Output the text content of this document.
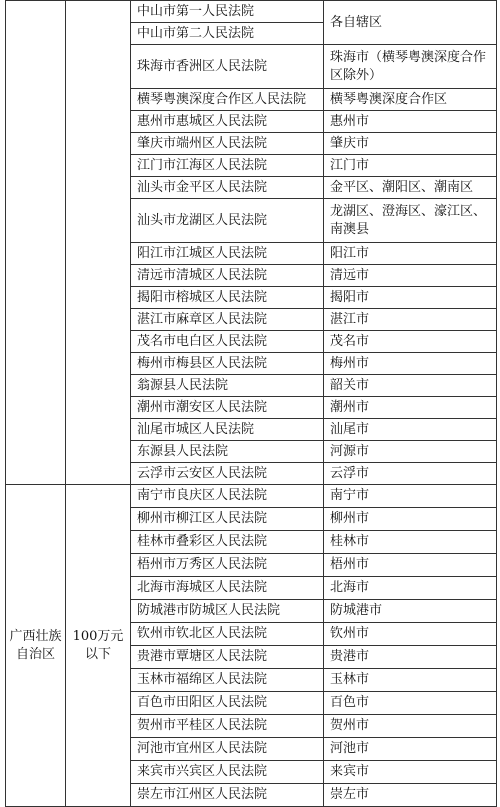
		中山市第一人民法院	各自辖区
		中山市第二人民法院	
		珠海市香洲区人民法院	珠海市（横琴粤澳深度合作区除外）
		横琴粤澳深度合作区人民法院	横琴粤澳深度合作区
		惠州市惠城区人民法院	惠州市
		肇庆市端州区人民法院	肇庆市
		江门市江海区人民法院	江门市
		汕头市金平区人民法院	金平区、潮阳区、潮南区
		汕头市龙湖区人民法院	龙湖区、澄海区、濠江区、南澳县
		阳江市江城区人民法院	阳江市
		清远市清城区人民法院	清远市
		揭阳市榕城区人民法院	揭阳市
		湛江市麻章区人民法院	湛江市
		茂名市电白区人民法院	茂名市
		梅州市梅县区人民法院	梅州市
		翁源县人民法院	韶关市
		潮州市潮安区人民法院	潮州市
		汕尾市城区人民法院	汕尾市
		东源县人民法院	河源市
		云浮市云安区人民法院	云浮市
广西壮族自治区	100万元以下	南宁市良庆区人民法院	南宁市
		柳州市柳江区人民法院	柳州市
		桂林市叠彩区人民法院	桂林市
		梧州市万秀区人民法院	梧州市
		北海市海城区人民法院	北海市
		防城港市防城区人民法院	防城港市
		钦州市钦北区人民法院	钦州市
		贵港市覃塘区人民法院	贵港市
		玉林市福绵区人民法院	玉林市
		百色市田阳区人民法院	百色市
		贺州市平桂区人民法院	贺州市
		河池市宜州区人民法院	河池市
		来宾市兴宾区人民法院	来宾市
		崇左市江州区人民法院	崇左市
